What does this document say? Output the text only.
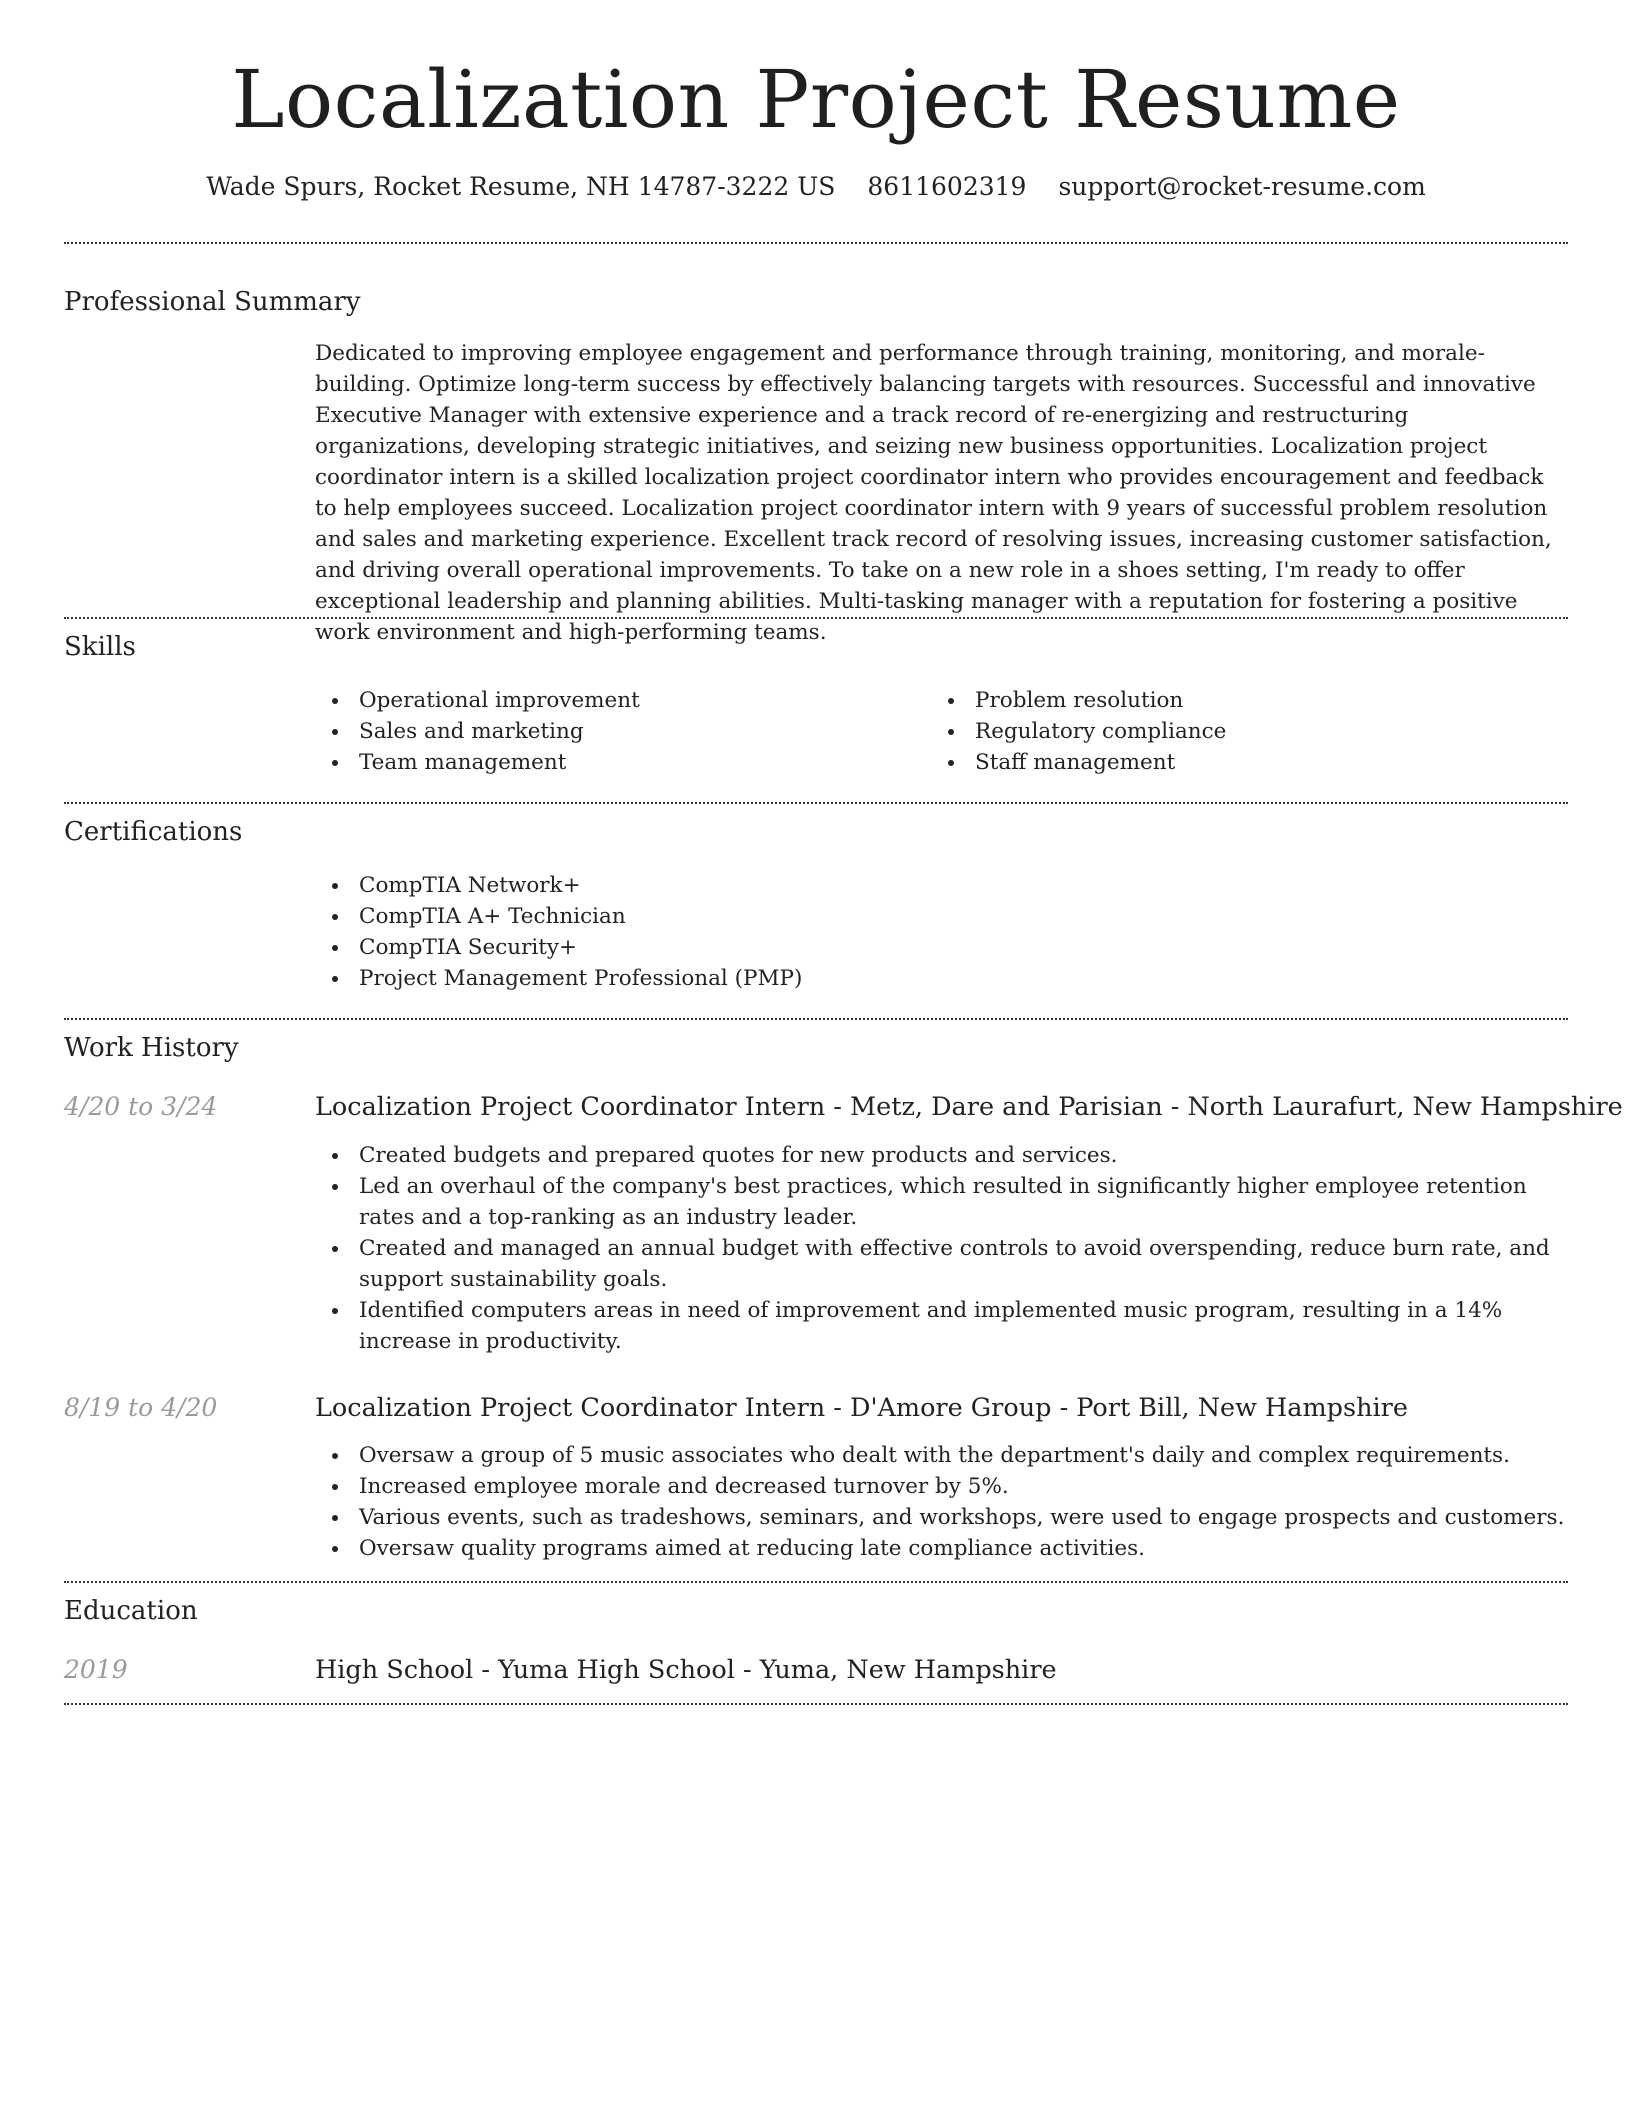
Localization Project Resume
Wade Spurs, Rocket Resume, NH 14787-3222 US 8611602319 support@rocket-resume.com
Professional Summary
Dedicated to improving employee engagement and performance through training, monitoring, and morale-building. Optimize long-term success by effectively balancing targets with resources. Successful and innovative Executive Manager with extensive experience and a track record of re-energizing and restructuring organizations, developing strategic initiatives, and seizing new business opportunities. Localization project coordinator intern is a skilled localization project coordinator intern who provides encouragement and feedback to help employees succeed. Localization project coordinator intern with 9 years of successful problem resolution and sales and marketing experience. Excellent track record of resolving issues, increasing customer satisfaction, and driving overall operational improvements. To take on a new role in a shoes setting, I'm ready to offer exceptional leadership and planning abilities. Multi-tasking manager with a reputation for fostering a positive work environment and high-performing teams.
Skills
Operational improvement
Sales and marketing
Team management
Problem resolution
Regulatory compliance
Staff management
Certifications
CompTIA Network+
CompTIA A+ Technician
CompTIA Security+
Project Management Professional (PMP)
Work History
4/20 to 3/24	Localization Project Coordinator Intern - Metz, Dare and Parisian - North Laurafurt, New Hampshire
Created budgets and prepared quotes for new products and services.
Led an overhaul of the company's best practices, which resulted in significantly higher employee retention rates and a top-ranking as an industry leader.
Created and managed an annual budget with effective controls to avoid overspending, reduce burn rate, and support sustainability goals.
Identified computers areas in need of improvement and implemented music program, resulting in a 14% increase in productivity.
8/19 to 4/20	Localization Project Coordinator Intern - D'Amore Group - Port Bill, New Hampshire
Oversaw a group of 5 music associates who dealt with the department's daily and complex requirements.
Increased employee morale and decreased turnover by 5%.
Various events, such as tradeshows, seminars, and workshops, were used to engage prospects and customers.
Oversaw quality programs aimed at reducing late compliance activities.
Education
2019	High School - Yuma High School - Yuma, New Hampshire
